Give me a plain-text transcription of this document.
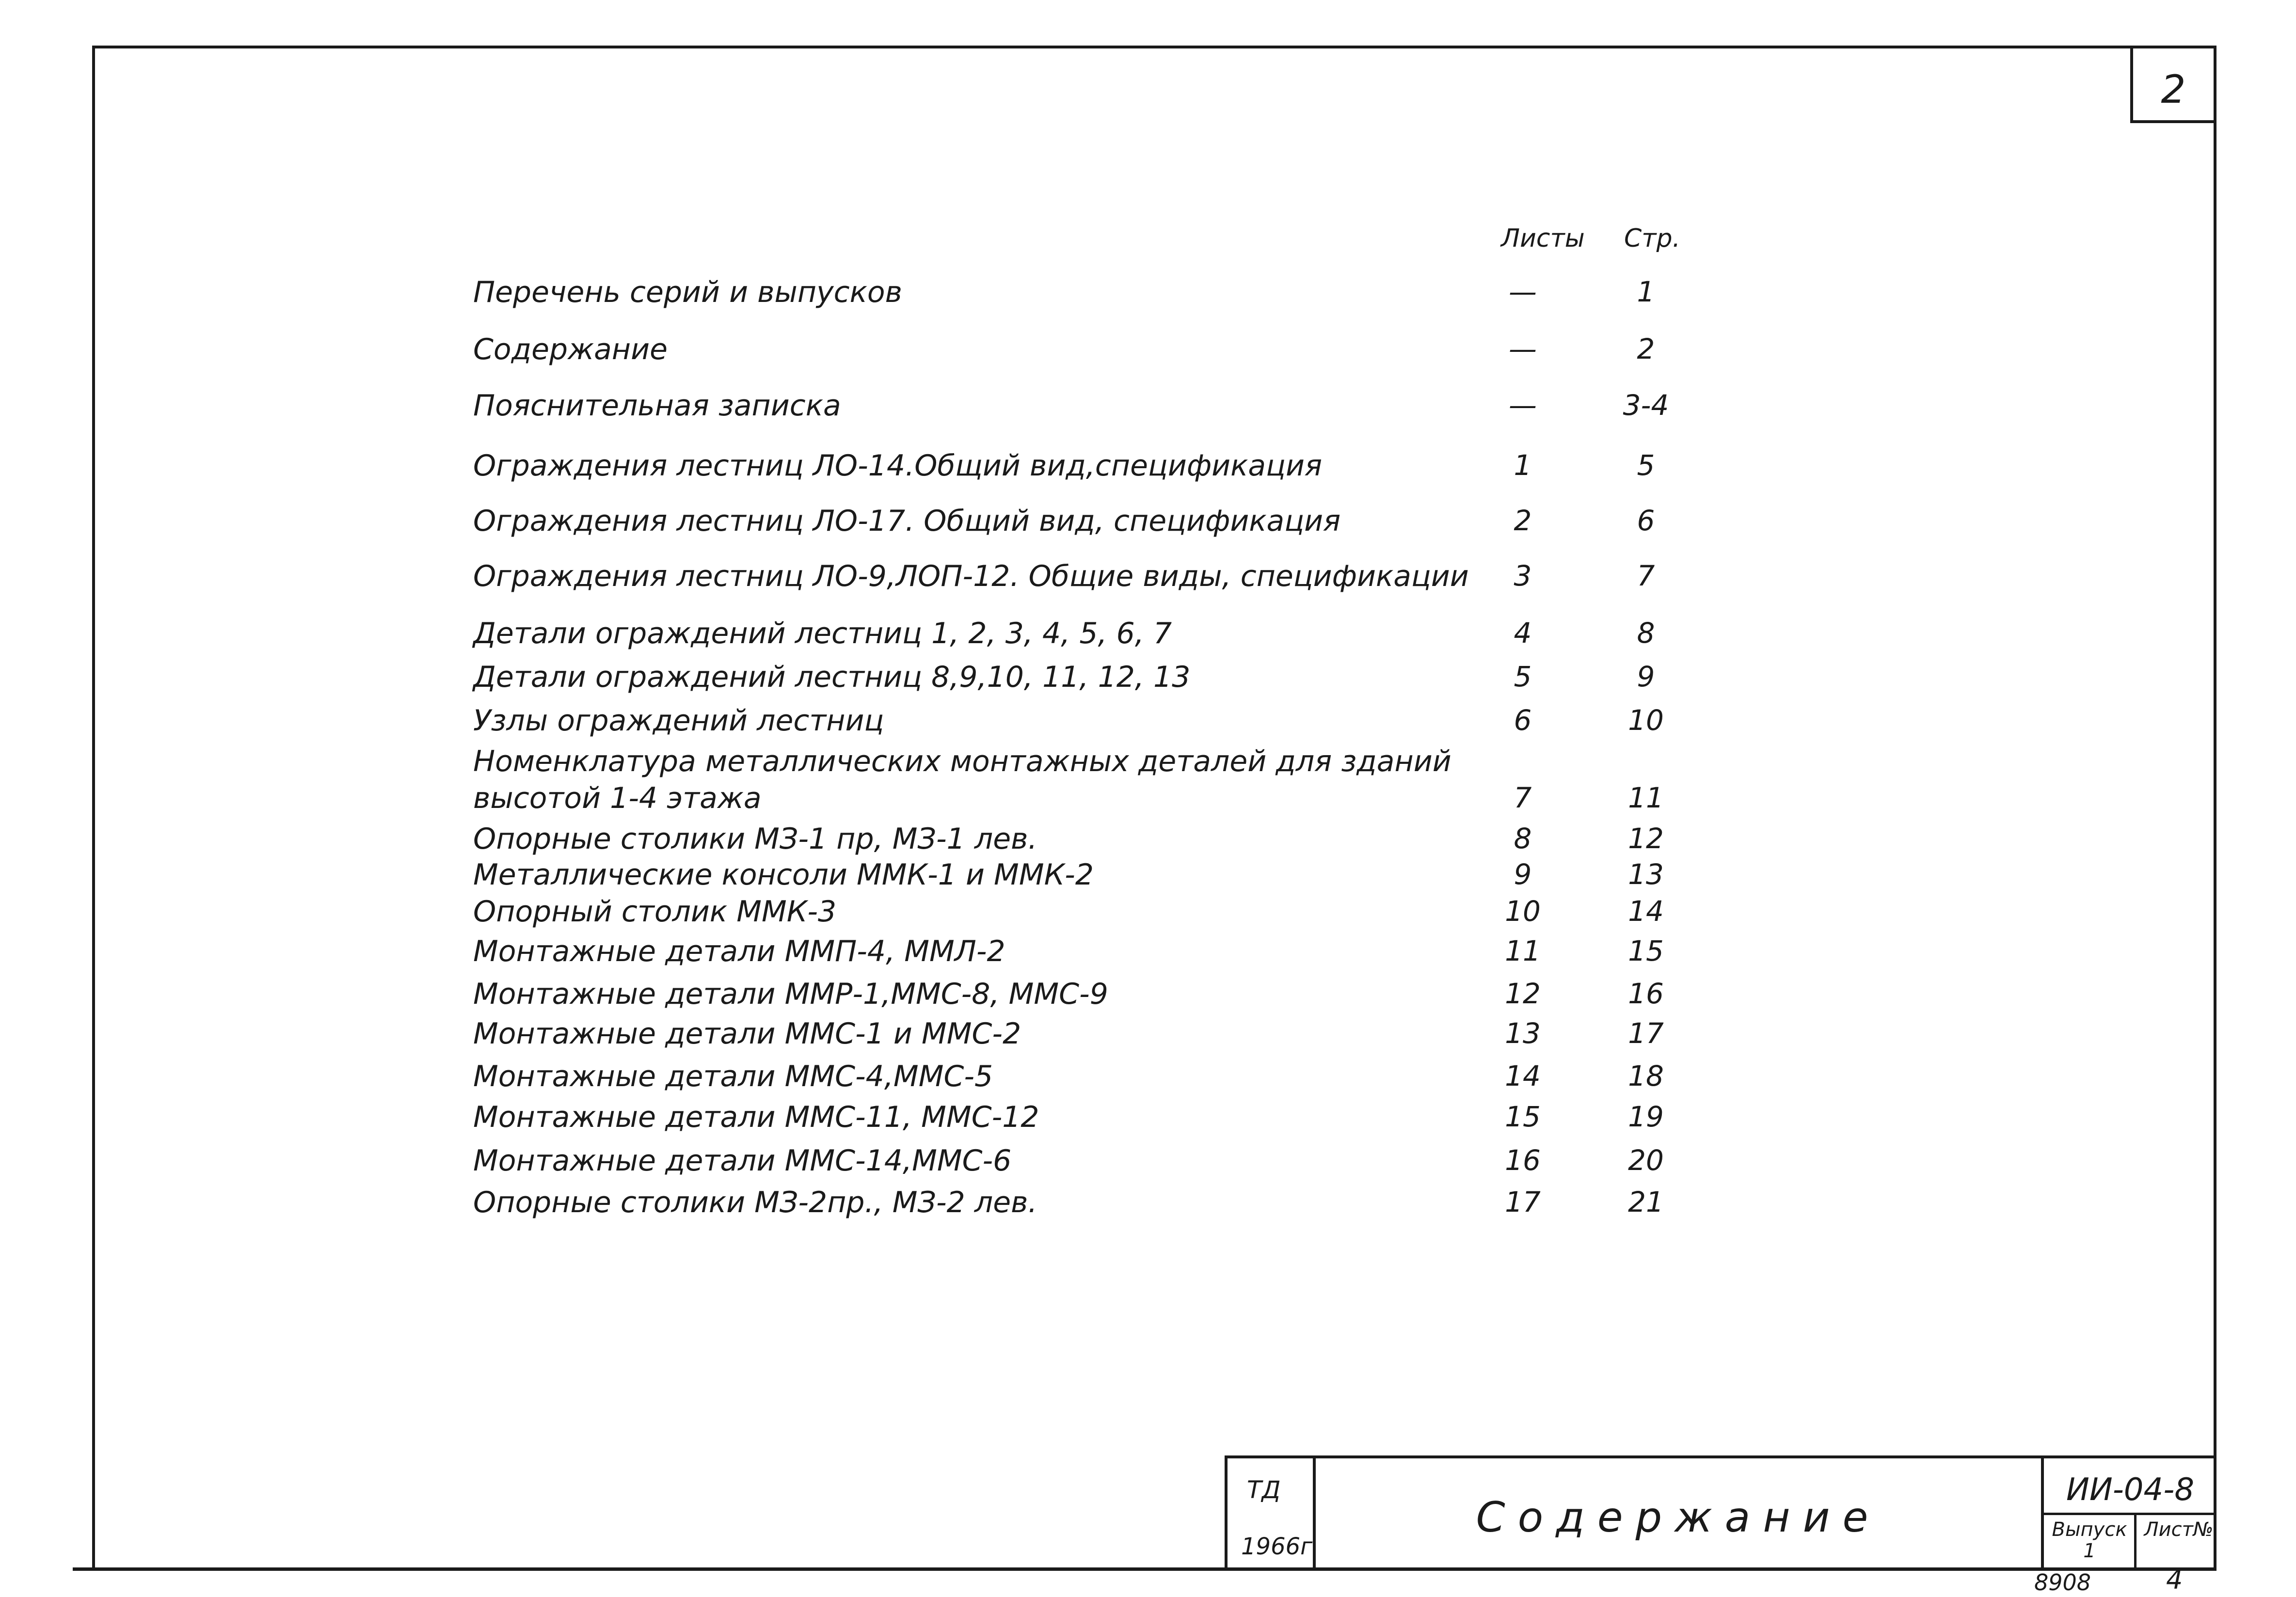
2
Листы Стр.
Перечень серий и выпусков	—	1
Содержание	—	2
Пояснительная записка	—	3-4
Ограждения лестниц ЛО-14.Общий вид,спецификация	1	5
Ограждения лестниц ЛО-17. Общий вид, спецификация	2	6
Ограждения лестниц ЛО-9,ЛОП-12. Общие виды, спецификации	3	7
Детали ограждений лестниц 1, 2, 3, 4, 5, 6, 7	4	8
Детали ограждений лестниц 8,9,10, 11, 12, 13	5	9
Узлы ограждений лестниц	6	10
Номенклатура металлических монтажных деталей для зданий
высотой 1-4 этажа	7	11
Опорные столики МЗ-1 пр, МЗ-1 лев.	8	12
Металлические консоли ММК-1 и ММК-2	9	13
Опорный столик ММК-3	10	14
Монтажные детали ММП-4, ММЛ-2	11	15
Монтажные детали ММР-1,ММС-8, ММС-9	12	16
Монтажные детали ММС-1 и ММС-2	13	17
Монтажные детали ММС-4,ММС-5	14	18
Монтажные детали ММС-11, ММС-12	15	19
Монтажные детали ММС-14,ММС-6	16	20
Опорные столики МЗ-2пр., МЗ-2 лев.	17	21
ТД
1966г
Содержание
ИИ-04-8
Выпуск
1
Лист№
8908	4
